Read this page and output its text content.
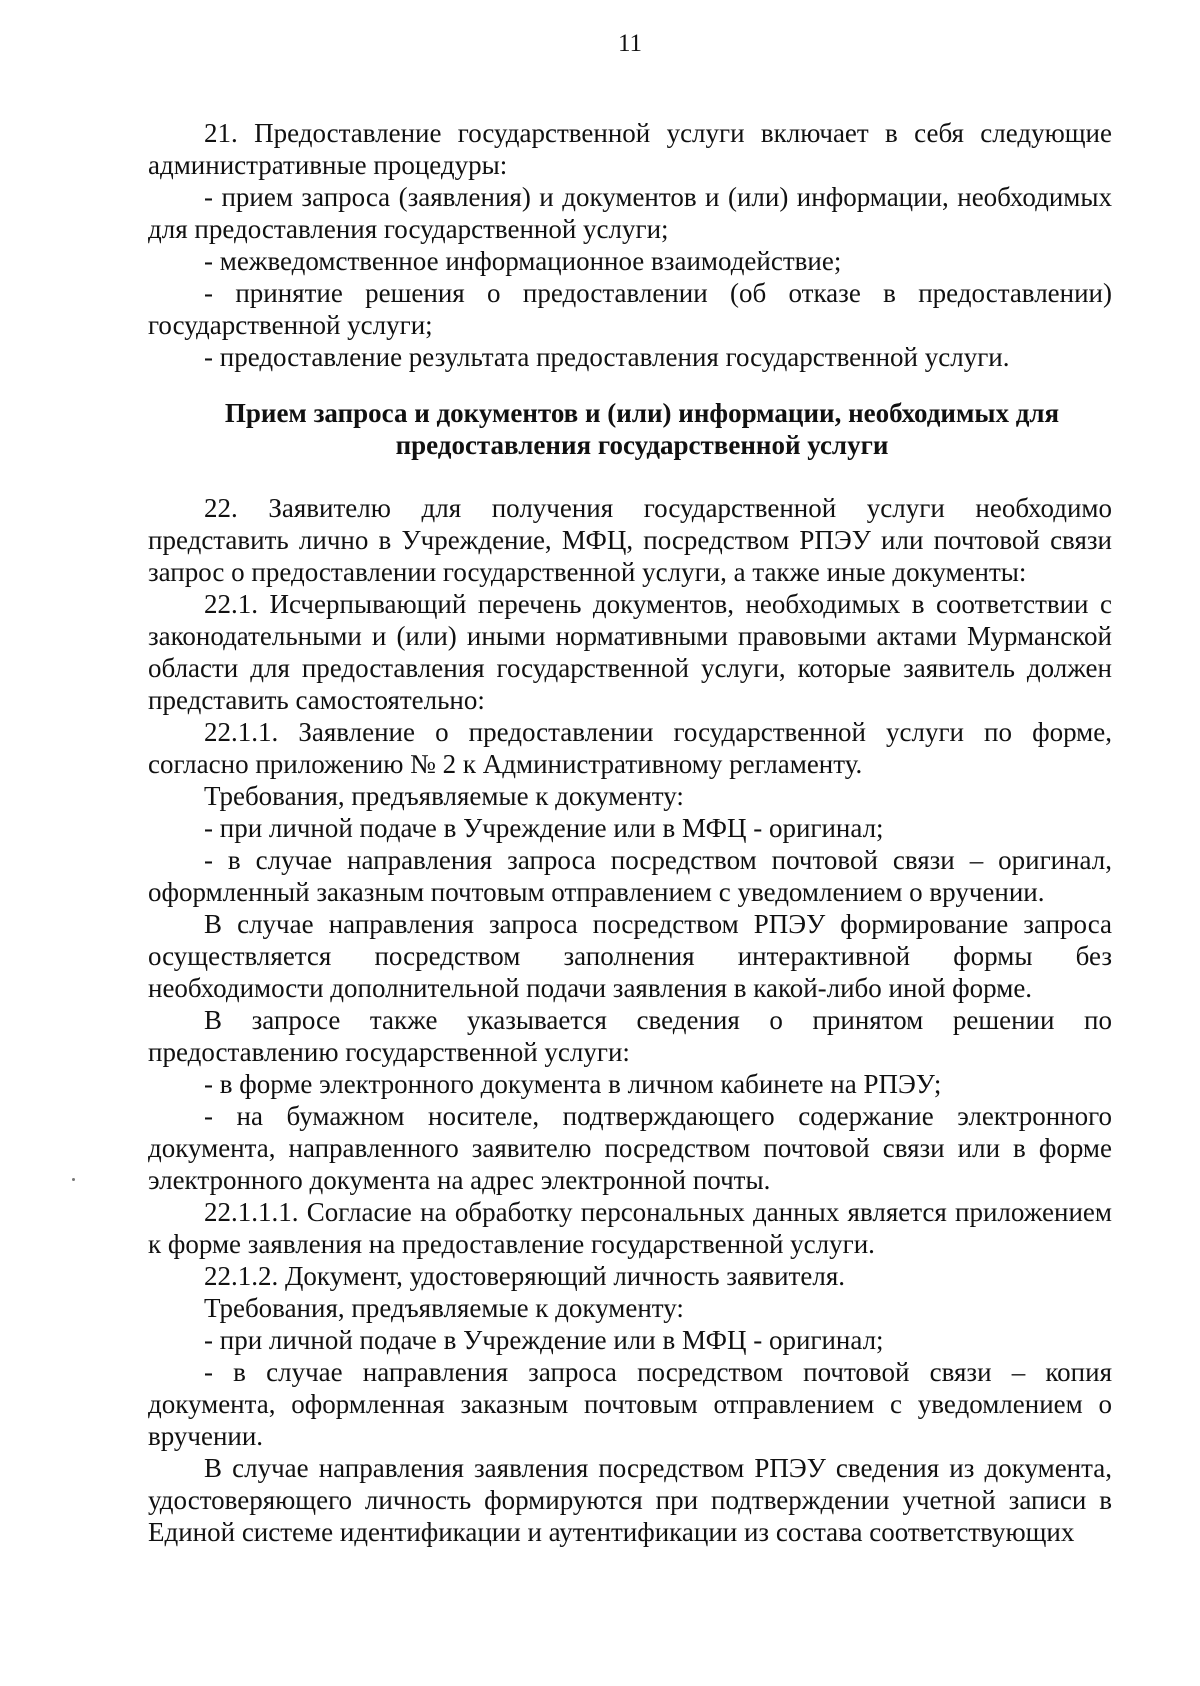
11

21. Предоставление государственной услуги включает в себя следующие административные процедуры:

- прием запроса (заявления) и документов и (или) информации, необходимых для предоставления государственной услуги;

- межведомственное информационное взаимодействие;

- принятие решения о предоставлении (об отказе в предоставлении) государственной услуги;

- предоставление результата предоставления государственной услуги.

Прием запроса и документов и (или) информации, необходимых для

предоставления государственной услуги

22. Заявителю для получения государственной услуги необходимо представить лично в Учреждение, МФЦ, посредством РПЭУ или почтовой связи запрос о предоставлении государственной услуги, а также иные документы:

22.1. Исчерпывающий перечень документов, необходимых в соответствии с законодательными и (или) иными нормативными правовыми актами Мурманской области для предоставления государственной услуги, которые заявитель должен представить самостоятельно:

22.1.1. Заявление о предоставлении государственной услуги по форме, согласно приложению № 2 к Административному регламенту.

Требования, предъявляемые к документу:

- при личной подаче в Учреждение или в МФЦ - оригинал;

- в случае направления запроса посредством почтовой связи – оригинал, оформленный заказным почтовым отправлением с уведомлением о вручении.

В случае направления запроса посредством РПЭУ формирование запроса осуществляется посредством заполнения интерактивной формы без необходимости дополнительной подачи заявления в какой-либо иной форме.

В запросе также указывается сведения о принятом решении по предоставлению государственной услуги:

- в форме электронного документа в личном кабинете на РПЭУ;

- на бумажном носителе, подтверждающего содержание электронного документа, направленного заявителю посредством почтовой связи или в форме электронного документа на адрес электронной почты.

22.1.1.1. Согласие на обработку персональных данных является приложением к форме заявления на предоставление государственной услуги.

22.1.2. Документ, удостоверяющий личность заявителя.

Требования, предъявляемые к документу:

- при личной подаче в Учреждение или в МФЦ - оригинал;

- в случае направления запроса посредством почтовой связи – копия документа, оформленная заказным почтовым отправлением с уведомлением о вручении.

В случае направления заявления посредством РПЭУ сведения из документа, удостоверяющего личность формируются при подтверждении учетной записи в Единой системе идентификации и аутентификации из состава соответствующих
